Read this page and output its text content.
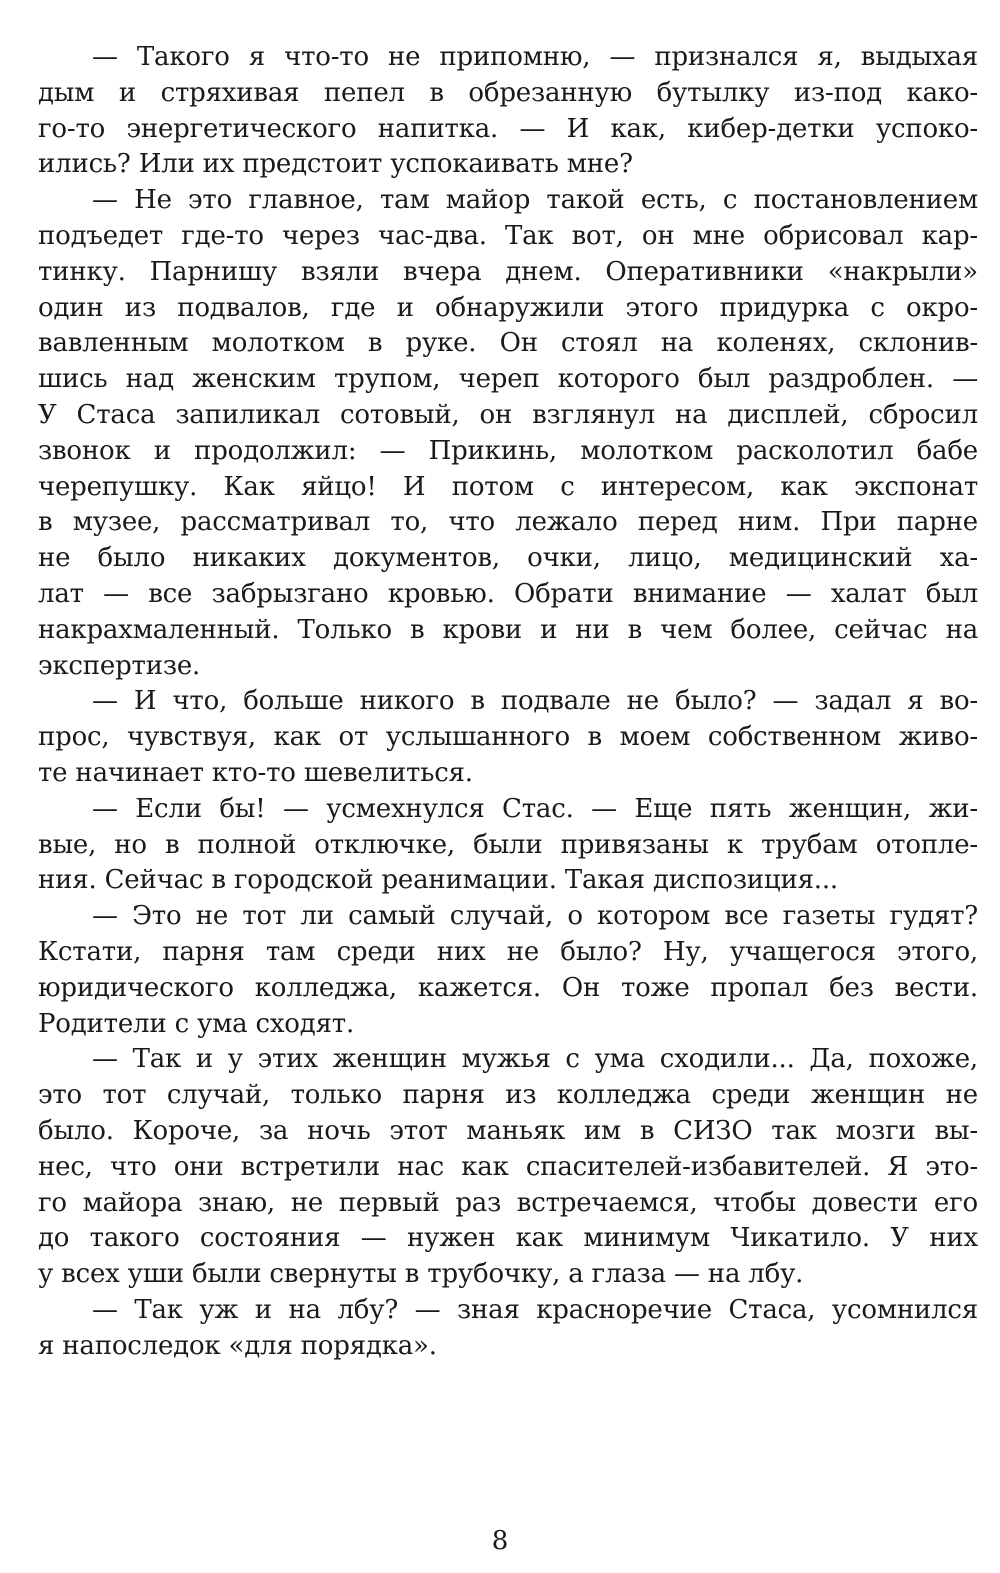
— Такого я что-то не припомню, — признался я, выдыхая
дым и стряхивая пепел в обрезанную бутылку из-под како-
го-то энергетического напитка. — И как, кибер-детки успоко-
ились? Или их предстоит успокаивать мне?
— Не это главное, там майор такой есть, с постановлением
подъедет где-то через час-два. Так вот, он мне обрисовал кар-
тинку. Парнишу взяли вчера днем. Оперативники «накрыли»
один из подвалов, где и обнаружили этого придурка с окро-
вавленным молотком в руке. Он стоял на коленях, склонив-
шись над женским трупом, череп которого был раздроблен. —
У Стаса запиликал сотовый, он взглянул на дисплей, сбросил
звонок и продолжил: — Прикинь, молотком расколотил бабе
черепушку. Как яйцо! И потом с интересом, как экспонат
в музее, рассматривал то, что лежало перед ним. При парне
не было никаких документов, очки, лицо, медицинский ха-
лат — все забрызгано кровью. Обрати внимание — халат был
накрахмаленный. Только в крови и ни в чем более, сейчас на
экспертизе.
— И что, больше никого в подвале не было? — задал я во-
прос, чувствуя, как от услышанного в моем собственном живо-
те начинает кто-то шевелиться.
— Если бы! — усмехнулся Стас. — Еще пять женщин, жи-
вые, но в полной отключке, были привязаны к трубам отопле-
ния. Сейчас в городской реанимации. Такая диспозиция...
— Это не тот ли самый случай, о котором все газеты гудят?
Кстати, парня там среди них не было? Ну, учащегося этого,
юридического колледжа, кажется. Он тоже пропал без вести.
Родители с ума сходят.
— Так и у этих женщин мужья с ума сходили... Да, похоже,
это тот случай, только парня из колледжа среди женщин не
было. Короче, за ночь этот маньяк им в СИЗО так мозги вы-
нес, что они встретили нас как спасителей-избавителей. Я это-
го майора знаю, не первый раз встречаемся, чтобы довести его
до такого состояния — нужен как минимум Чикатило. У них
у всех уши были свернуты в трубочку, а глаза — на лбу.
— Так уж и на лбу? — зная красноречие Стаса, усомнился
я напоследок «для порядка».
8
